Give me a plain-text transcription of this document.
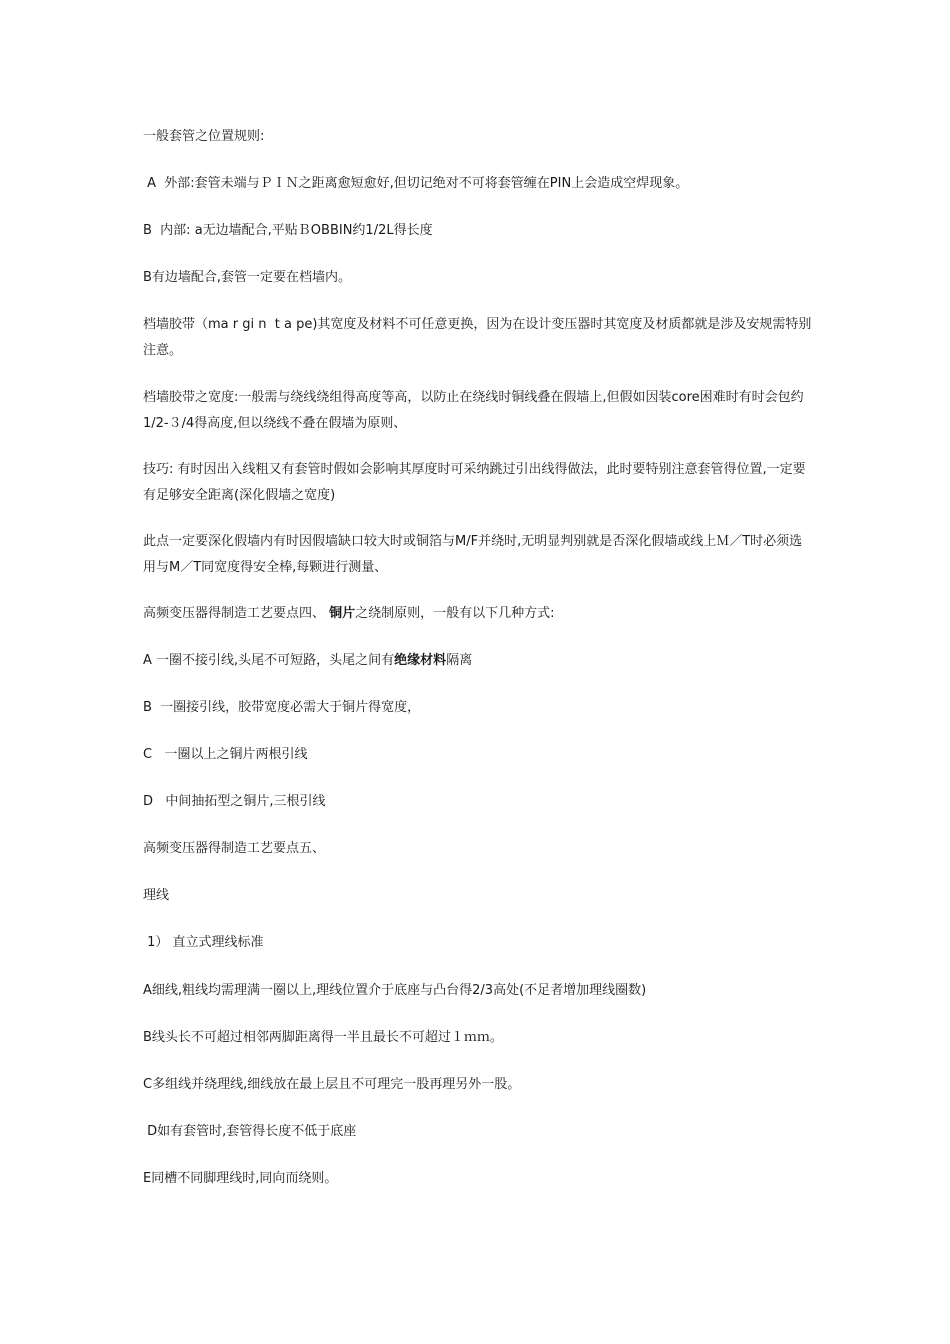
一般套管之位置规则:

A  外部:套管未端与ＰＩＮ之距离愈短愈好,但切记绝对不可将套管缠在PIN上会造成空焊现象。

B  内部: a无边墙配合,平贴ＢOBBIN约1/2L得长度

B有边墙配合,套管一定要在档墙内。

档墙胶带（ma r gi n  t a pe)其宽度及材料不可任意更换，因为在设计变压器时其宽度及材质都就是涉及安规需特别注意。

档墙胶带之宽度:一般需与绕线绕组得高度等高，以防止在绕线时铜线叠在假墙上,但假如因装core困难时有时会包约1/2-３/4得高度,但以绕线不叠在假墙为原则、

技巧: 有时因出入线粗又有套管时假如会影响其厚度时可采纳跳过引出线得做法，此时要特别注意套管得位置,一定要有足够安全距离(深化假墙之宽度)

此点一定要深化假墙内有时因假墙缺口较大时或铜箔与M/F并绕时,无明显判别就是否深化假墙或线上Ｍ／T时必须选用与M／T同宽度得安全棒,每颗进行测量、

高频变压器得制造工艺要点四、 铜片之绕制原则，一般有以下几种方式:

A 一圈不接引线,头尾不可短路，头尾之间有绝缘材料隔离

B  一圈接引线，胶带宽度必需大于铜片得宽度，

C   一圈以上之铜片两根引线

D   中间抽拓型之铜片,三根引线

高频变压器得制造工艺要点五、

理线

1） 直立式理线标准

A细线,粗线均需理满一圈以上,理线位置介于底座与凸台得2/3高处(不足者增加理线圈数)

B线头长不可超过相邻两脚距离得一半且最长不可超过１ｍｍ。

C多组线并绕理线,细线放在最上层且不可理完一股再理另外一股。

D如有套管时,套管得长度不低于底座

E同槽不同脚理线时,同向而绕则。
